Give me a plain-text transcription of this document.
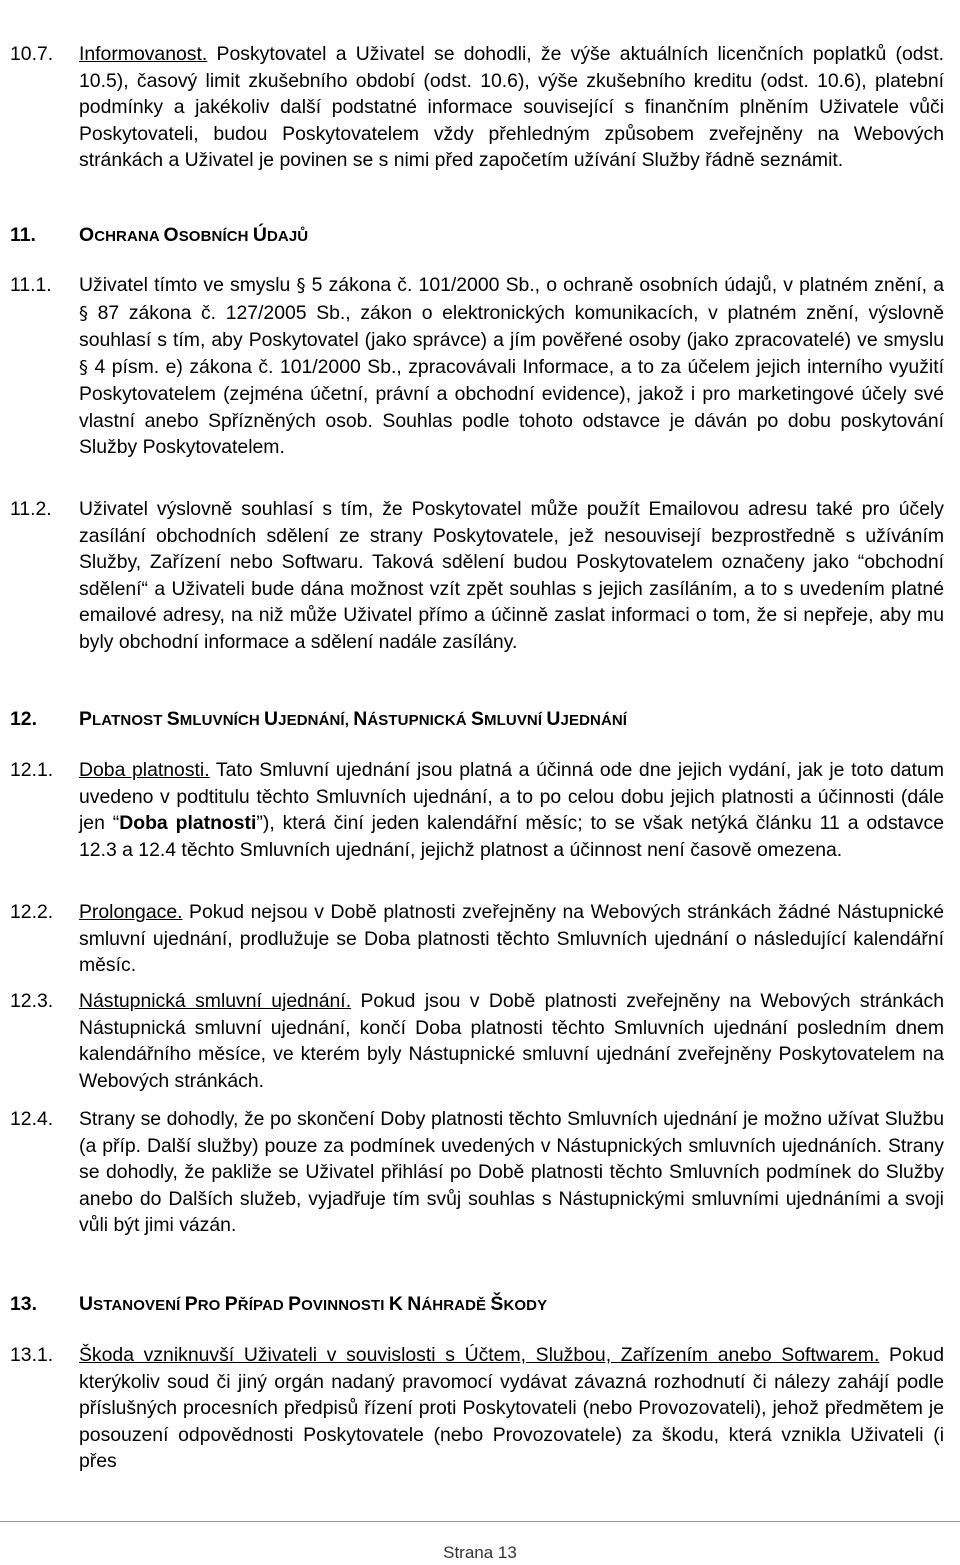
10.7. Informovanost. Poskytovatel a Uživatel se dohodli, že výše aktuálních licenčních poplatků (odst. 10.5), časový limit zkušebního období (odst. 10.6), výše zkušebního kreditu (odst. 10.6), platební podmínky a jakékoliv další podstatné informace související s finančním plněním Uživatele vůči Poskytovateli, budou Poskytovatelem vždy přehledným způsobem zveřejněny na Webových stránkách a Uživatel je povinen se s nimi před započetím užívání Služby řádně seznámit.
11. OCHRANA OSOBNÍCH ÚDAJŮ
11.1. Uživatel tímto ve smyslu § 5 zákona č. 101/2000 Sb., o ochraně osobních údajů, v platném znění, a § 87 zákona č. 127/2005 Sb., zákon o elektronických komunikacích, v platném znění, výslovně souhlasí s tím, aby Poskytovatel (jako správce) a jím pověřené osoby (jako zpracovatelé) ve smyslu § 4 písm. e) zákona č. 101/2000 Sb., zpracovávali Informace, a to za účelem jejich interního využití Poskytovatelem (zejména účetní, právní a obchodní evidence), jakož i pro marketingové účely své vlastní anebo Spřízněných osob. Souhlas podle tohoto odstavce je dáván po dobu poskytování Služby Poskytovatelem.
11.2. Uživatel výslovně souhlasí s tím, že Poskytovatel může použít Emailovou adresu také pro účely zasílání obchodních sdělení ze strany Poskytovatele, jež nesouvisejí bezprostředně s užíváním Služby, Zařízení nebo Softwaru. Taková sdělení budou Poskytovatelem označeny jako “obchodní sdělení“ a Uživateli bude dána možnost vzít zpět souhlas s jejich zasíláním, a to s uvedením platné emailové adresy, na niž může Uživatel přímo a účinně zaslat informaci o tom, že si nepřeje, aby mu byly obchodní informace a sdělení nadále zasílány.
12. PLATNOST SMLUVNÍCH UJEDNÁNÍ, NÁSTUPNICKÁ SMLUVNÍ UJEDNÁNÍ
12.1. Doba platnosti. Tato Smluvní ujednání jsou platná a účinná ode dne jejich vydání, jak je toto datum uvedeno v podtitulu těchto Smluvních ujednání, a to po celou dobu jejich platnosti a účinnosti (dále jen “Doba platnosti”), která činí jeden kalendářní měsíc; to se však netýká článku 11 a odstavce 12.3 a 12.4 těchto Smluvních ujednání, jejichž platnost a účinnost není časově omezena.
12.2. Prolongace. Pokud nejsou v Době platnosti zveřejněny na Webových stránkách žádné Nástupnické smluvní ujednání, prodlužuje se Doba platnosti těchto Smluvních ujednání o následující kalendářní měsíc.
12.3. Nástupnická smluvní ujednání. Pokud jsou v Době platnosti zveřejněny na Webových stránkách Nástupnická smluvní ujednání, končí Doba platnosti těchto Smluvních ujednání posledním dnem kalendářního měsíce, ve kterém byly Nástupnické smluvní ujednání zveřejněny Poskytovatelem na Webových stránkách.
12.4. Strany se dohodly, že po skončení Doby platnosti těchto Smluvních ujednání je možno užívat Službu (a příp. Další služby) pouze za podmínek uvedených v Nástupnických smluvních ujednáních. Strany se dohodly, že pakliže se Uživatel přihlásí po Době platnosti těchto Smluvních podmínek do Služby anebo do Dalších služeb, vyjadřuje tím svůj souhlas s Nástupnickými smluvními ujednáními a svoji vůli být jimi vázán.
13. USTANOVENÍ PRO PŘÍPAD POVINNOSTI K NÁHRADĚ ŠKODY
13.1. Škoda vzniknuvší Uživateli v souvislosti s Účtem, Službou, Zařízením anebo Softwarem. Pokud kterýkoliv soud či jiný orgán nadaný pravomocí vydávat závazná rozhodnutí či nálezy zahájí podle příslušných procesních předpisů řízení proti Poskytovateli (nebo Provozovateli), jehož předmětem je posouzení odpovědnosti Poskytovatele (nebo Provozovatele) za škodu, která vznikla Uživateli (i přes
Strana 13
